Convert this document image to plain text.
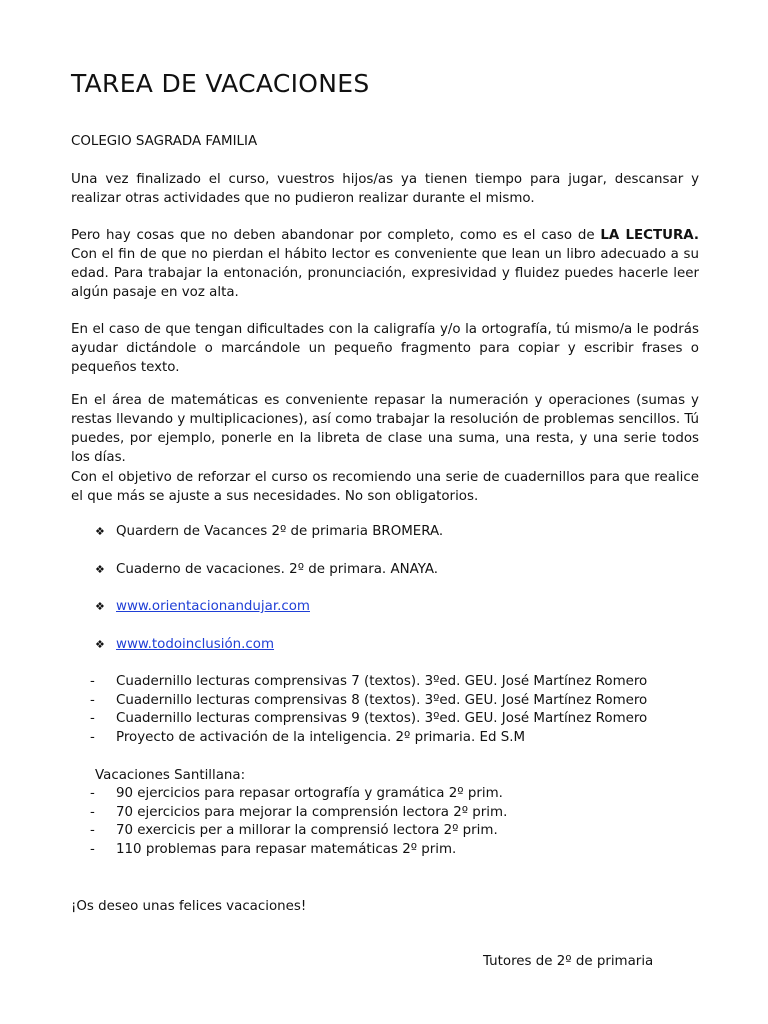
TAREA DE VACACIONES
COLEGIO SAGRADA FAMILIA

Una vez finalizado el curso, vuestros hijos/as ya tienen tiempo para jugar, descansar y realizar otras actividades que no pudieron realizar durante el mismo.

Pero hay cosas que no deben abandonar por completo, como es el caso de LA LECTURA. Con el fin de que no pierdan el hábito lector es conveniente que lean un libro adecuado a su edad. Para trabajar la entonación, pronunciación, expresividad y fluidez puedes hacerle leer algún pasaje en voz alta.

En el caso de que tengan dificultades con la caligrafía y/o la ortografía, tú mismo/a le podrás ayudar dictándole o marcándole un pequeño fragmento para copiar y escribir frases o pequeños texto.

En el área de matemáticas es conveniente repasar la numeración y operaciones (sumas y restas llevando y multiplicaciones), así como trabajar la resolución de problemas sencillos. Tú puedes, por ejemplo, ponerle en la libreta de clase una suma, una resta, y una serie todos los días.

Con el objetivo de reforzar el curso os recomiendo una serie de cuadernillos para que realice el que más se ajuste a sus necesidades. No son obligatorios.

❖ Quardern de Vacances 2º de primaria BROMERA.
❖ Cuaderno de vacaciones. 2º de primara. ANAYA.
❖ www.orientacionandujar.com
❖ www.todoinclusión.com
-	Cuadernillo lecturas comprensivas 7 (textos). 3ºed. GEU. José Martínez Romero
-	Cuadernillo lecturas comprensivas 8 (textos). 3ºed. GEU. José Martínez Romero
-	Cuadernillo lecturas comprensivas 9 (textos). 3ºed. GEU. José Martínez Romero
-	Proyecto de activación de la inteligencia. 2º primaria. Ed S.M
Vacaciones Santillana:
-	90 ejercicios para repasar ortografía y gramática 2º prim.
-	70 ejercicios para mejorar la comprensión lectora 2º prim.
-	70 exercicis per a millorar la comprensió lectora 2º prim.
-	110 problemas para repasar matemáticas 2º prim.
¡Os deseo unas felices vacaciones!
Tutores de 2º de primaria
